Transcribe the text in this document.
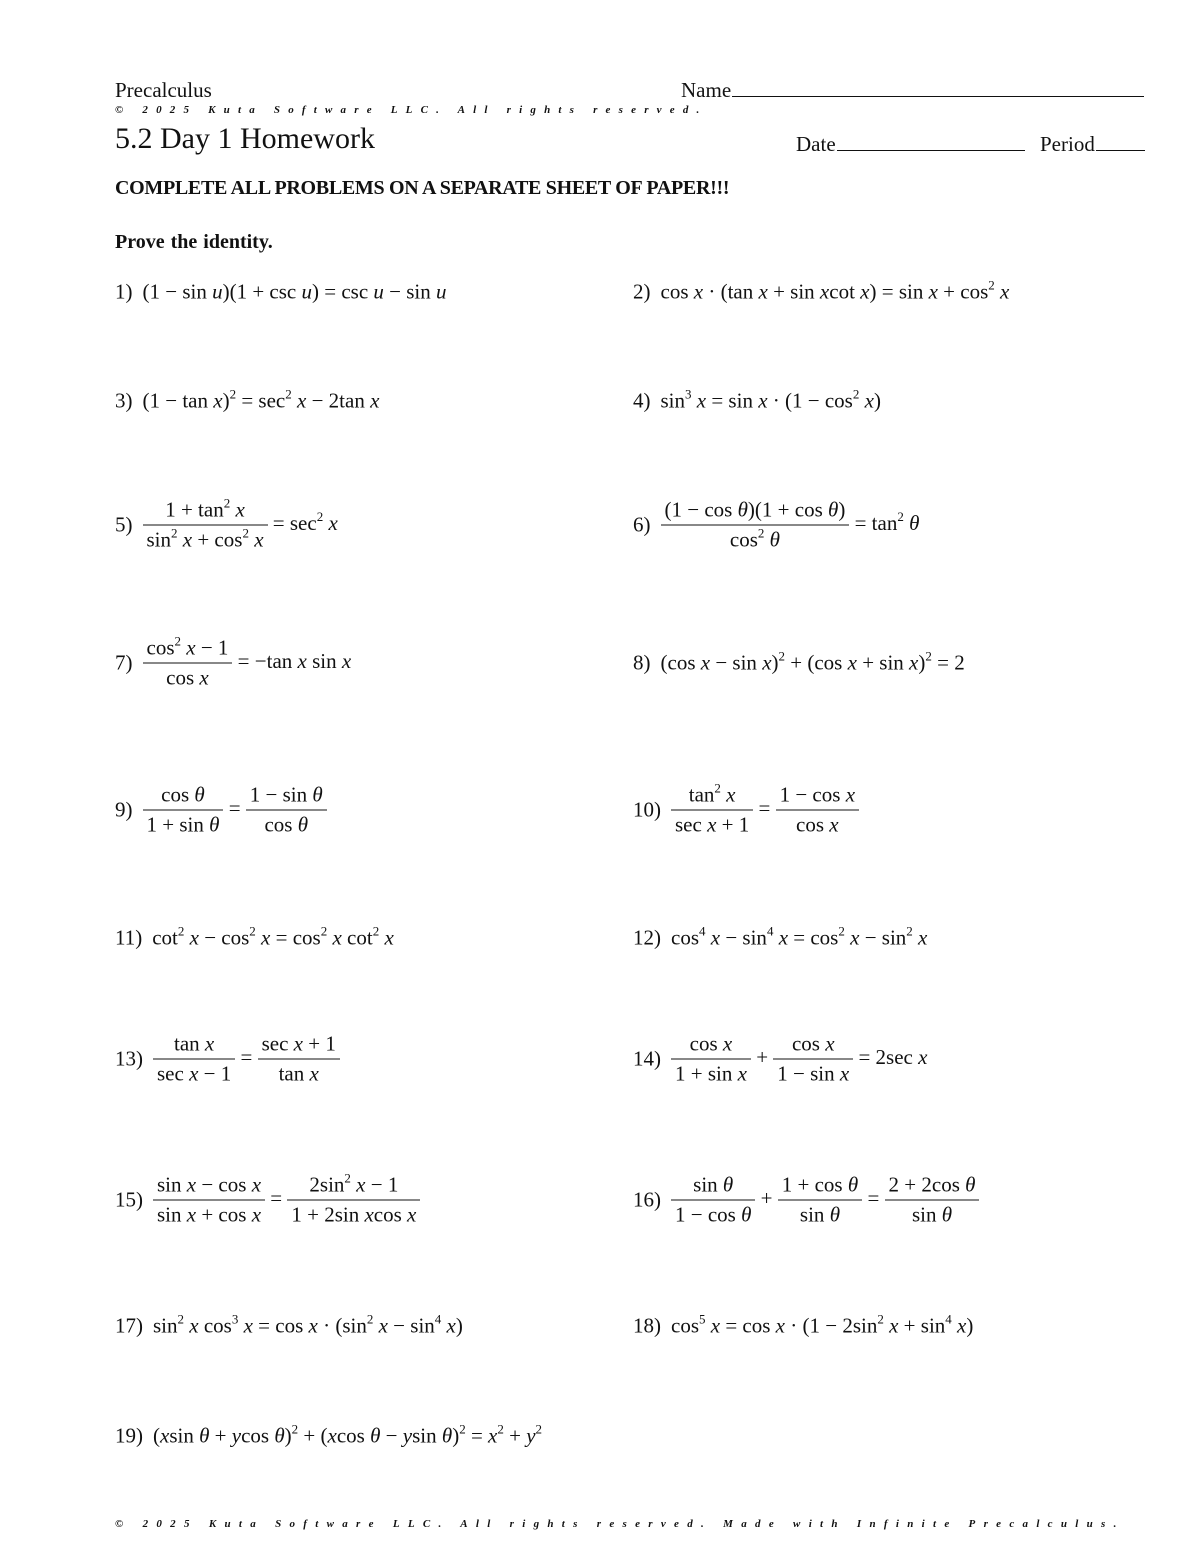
Precalculus	Name
© 2025 Kuta Software LLC. All rights reserved.
5.2 Day 1 Homework	Date	Period
COMPLETE ALL PROBLEMS ON A SEPARATE SHEET OF PAPER!!!
Prove the identity.
1) (1 − sin u)(1 + csc u) = csc u − sin u	2) cos x · (tan x + sin xcot $x) = \sin x + \cos^2 x$
3) $(1 - \tan x)^2 = \sec^2 x - 2\tan$ x	4) $\sin^3 x = \sin x \cdot (1 - \cos^2 x)$
$5) \frac{1 + \tan^2 x}{\sin^2 x + \cos^2 x} = \sec^2 x$	$6) \frac{\text{(1 − cos θ)(1 + cos θ)}}{\cos^2 \theta} = \tan^2 \theta$
$7) \frac{\cos^2 x - 1}{\text{cos x}} = -\tan$ x sin x	8) (cos x − sin x)$^2$ + (cos x + sin x)$^2$ = 2
$9) \frac{\text{cos θ}}{\text{1 + sin θ}} = \frac{\text{1 − sin θ}}{\text{cos θ}}$	$10) \frac{\tan^2 x}{\text{sec x + 1}} = \frac{\text{1 − cos x}}{\text{cos x}}$
11) $\cot^2 x - \cos^2 x = \cos^2 x$ $\cot^2 x$	12) $\cos^4 x - \sin^4 x = \cos^2 x - \sin^2 x$
$13) \frac{\text{tan x}}{\text{sec x − 1}} = \frac{\text{sec x + 1}}{\text{tan x}}$	$14) \frac{\text{cos x}}{\text{1 + sin x}} + \frac{\text{cos x}}{\text{1 − sin x}} = 2\sec$ x
$15) \frac{\text{sin x − cos x}}{\text{sin x + cos x}} = \frac{2\sin^2 x - 1}{\text{1 + 2sin xcos x}}$	$16) \frac{\text{sin θ}}{\text{1 − cos θ}} + \frac{\text{1 + cos θ}}{\text{sin θ}} = \frac{\text{2 + 2cos θ}}{\text{sin θ}}$
17) $\sin^2 x$ $\cos^3 x = \cos x \cdot (\sin^2$ $x - \sin^4 x$)	18) $\cos^5 x = \cos x \cdot (1 - 2\sin^2$ $x + \sin^4 x$)
19) (xsin θ + ycos θ)$^2$ + (xcos θ − ysin $\theta)^2 = x^2 + y^2$
© 2025 Kuta Software LLC. All rights reserved. Made with Infinite Precalculus.
